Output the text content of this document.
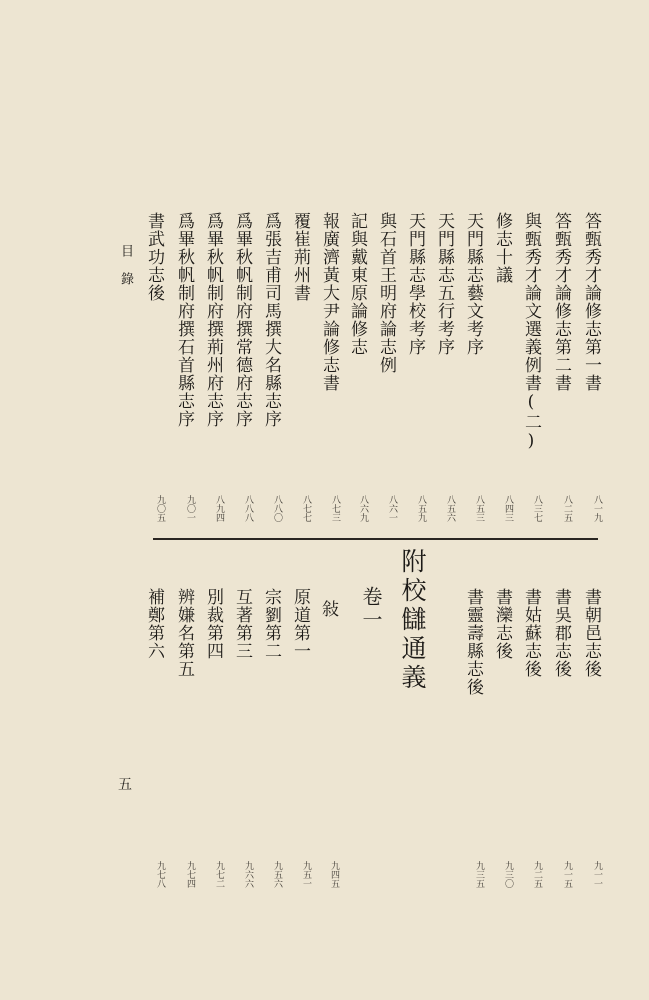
目 錄
五
答甄秀才論修志第一書
八一九
答甄秀才論修志第二書
八二五
與甄秀才論文選義例書(二)
八三七
修志十議
八四三
天門縣志藝文考序
八五三
天門縣志五行考序
八五六
天門縣志學校考序
八五九
與石首王明府論志例
八六一
記與戴東原論修志
八六九
報廣濟黃大尹論修志書
八七三
覆崔荊州書
八七七
爲張吉甫司馬撰大名縣志序
八八〇
爲畢秋帆制府撰常德府志序
八八八
爲畢秋帆制府撰荊州府志序
八九四
爲畢秋帆制府撰石首縣志序
九〇一
書武功志後
九〇五
書朝邑志後
九一一
書吳郡志後
九一五
書姑蘇志後
九二五
書灤志後
九三〇
書靈壽縣志後
九三五
附校讎通義
卷一
敍
九四五
原道第一
九五一
宗劉第二
九五六
互著第三
九六六
別裁第四
九七二
辨嫌名第五
九七四
補鄭第六
九七八
